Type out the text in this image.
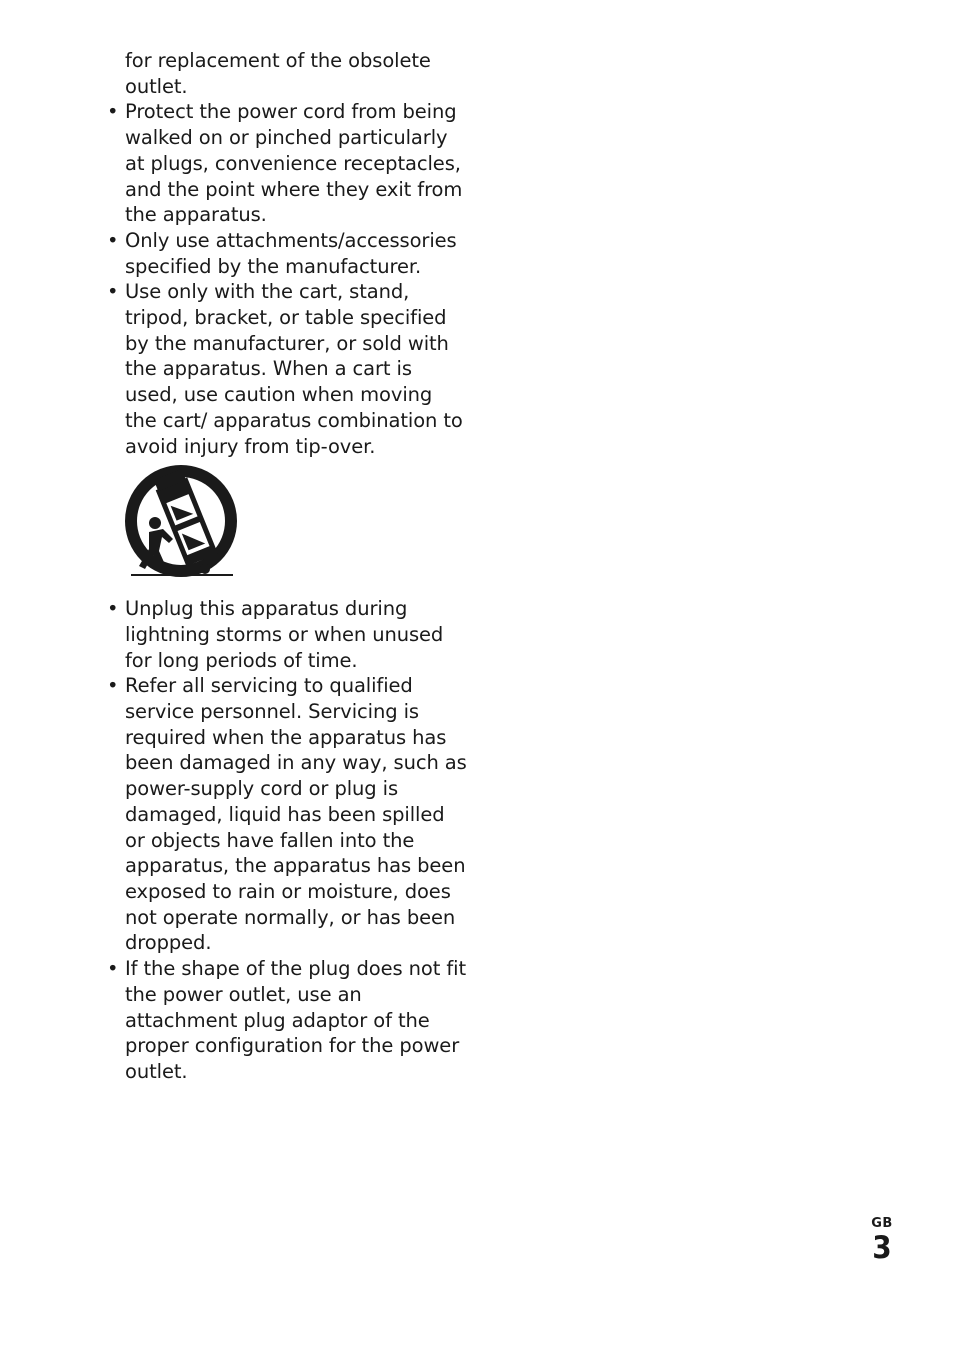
for replacement of the obsolete outlet.

• Protect the power cord from being walked on or pinched particularly at plugs, convenience receptacles, and the point where they exit from the apparatus.

• Only use attachments/accessories specified by the manufacturer.

• Use only with the cart, stand, tripod, bracket, or table specified by the manufacturer, or sold with the apparatus. When a cart is used, use caution when moving the cart/ apparatus combination to avoid injury from tip-over.

• Unplug this apparatus during lightning storms or when unused for long periods of time.

• Refer all servicing to qualified service personnel. Servicing is required when the apparatus has been damaged in any way, such as power-supply cord or plug is damaged, liquid has been spilled or objects have fallen into the apparatus, the apparatus has been exposed to rain or moisture, does not operate normally, or has been dropped.

• If the shape of the plug does not fit the power outlet, use an attachment plug adaptor of the proper configuration for the power outlet.

GB
3
